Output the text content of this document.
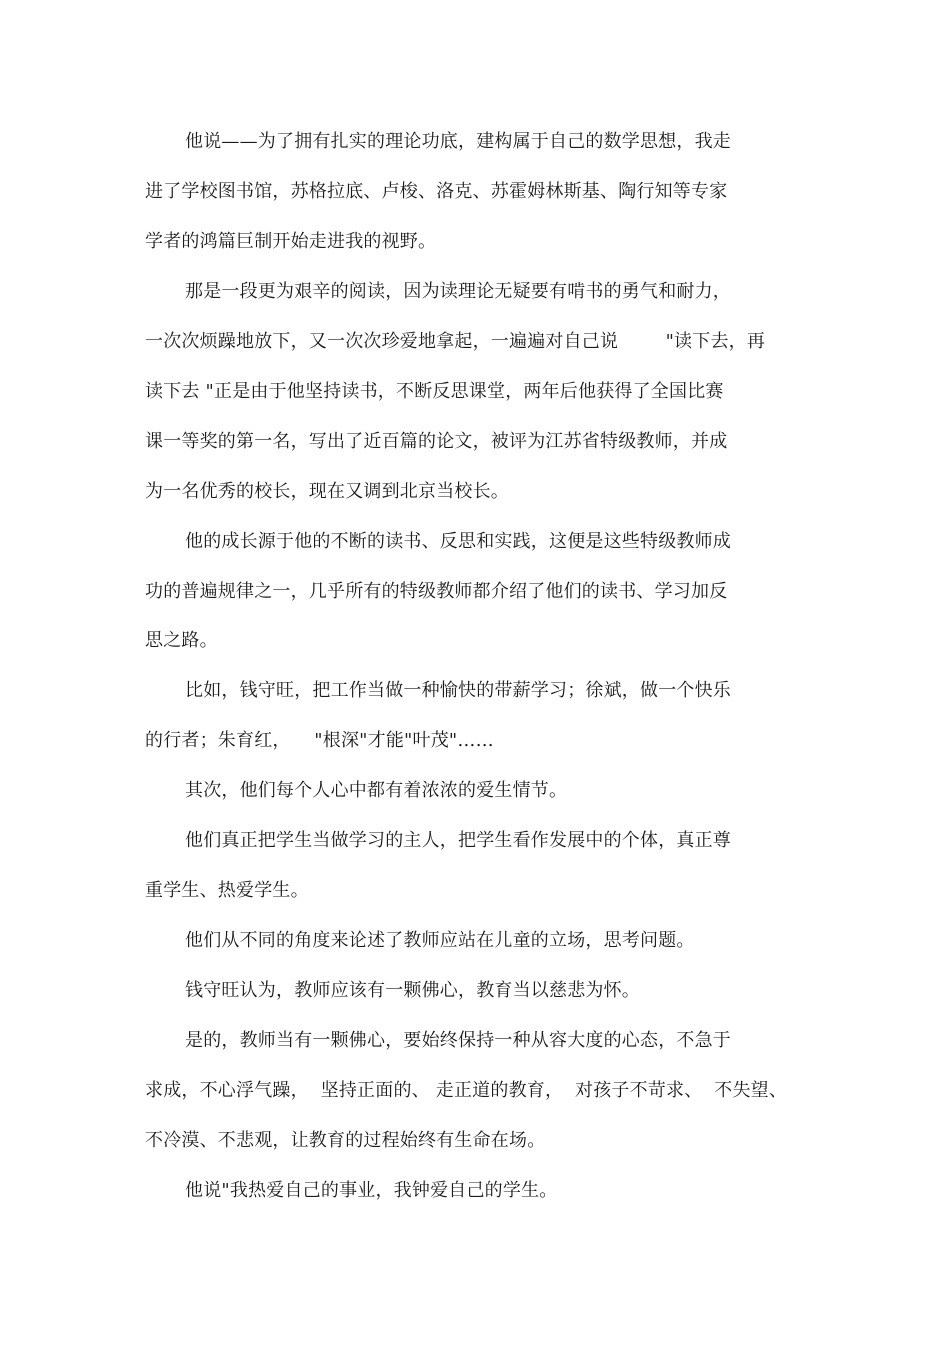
他说——为了拥有扎实的理论功底，建构属于自己的数学思想，我走
进了学校图书馆，苏格拉底、卢梭、洛克、苏霍姆林斯基、陶行知等专家
学者的鸿篇巨制开始走进我的视野。
那是一段更为艰辛的阅读，因为读理论无疑要有啃书的勇气和耐力，
一次次烦躁地放下，又一次次珍爱地拿起，一遍遍对自己说        "读下去，再
读下去 "正是由于他坚持读书，不断反思课堂，两年后他获得了全国比赛
课一等奖的第一名，写出了近百篇的论文，被评为江苏省特级教师，并成
为一名优秀的校长，现在又调到北京当校长。
他的成长源于他的不断的读书、反思和实践，这便是这些特级教师成
功的普遍规律之一，几乎所有的特级教师都介绍了他们的读书、学习加反
思之路。
比如，钱守旺，把工作当做一种愉快的带薪学习；徐斌，做一个快乐
的行者；朱育红，    "根深"才能"叶茂"……
其次，他们每个人心中都有着浓浓的爱生情节。
他们真正把学生当做学习的主人，把学生看作发展中的个体，真正尊
重学生、热爱学生。
他们从不同的角度来论述了教师应站在儿童的立场，思考问题。
钱守旺认为，教师应该有一颗佛心，教育当以慈悲为怀。
是的，教师当有一颗佛心，要始终保持一种从容大度的心态，不急于
求成，不心浮气躁，  坚持正面的、 走正道的教育，  对孩子不苛求、  不失望、
不冷漠、不悲观，让教育的过程始终有生命在场。
他说"我热爱自己的事业，我钟爱自己的学生。
